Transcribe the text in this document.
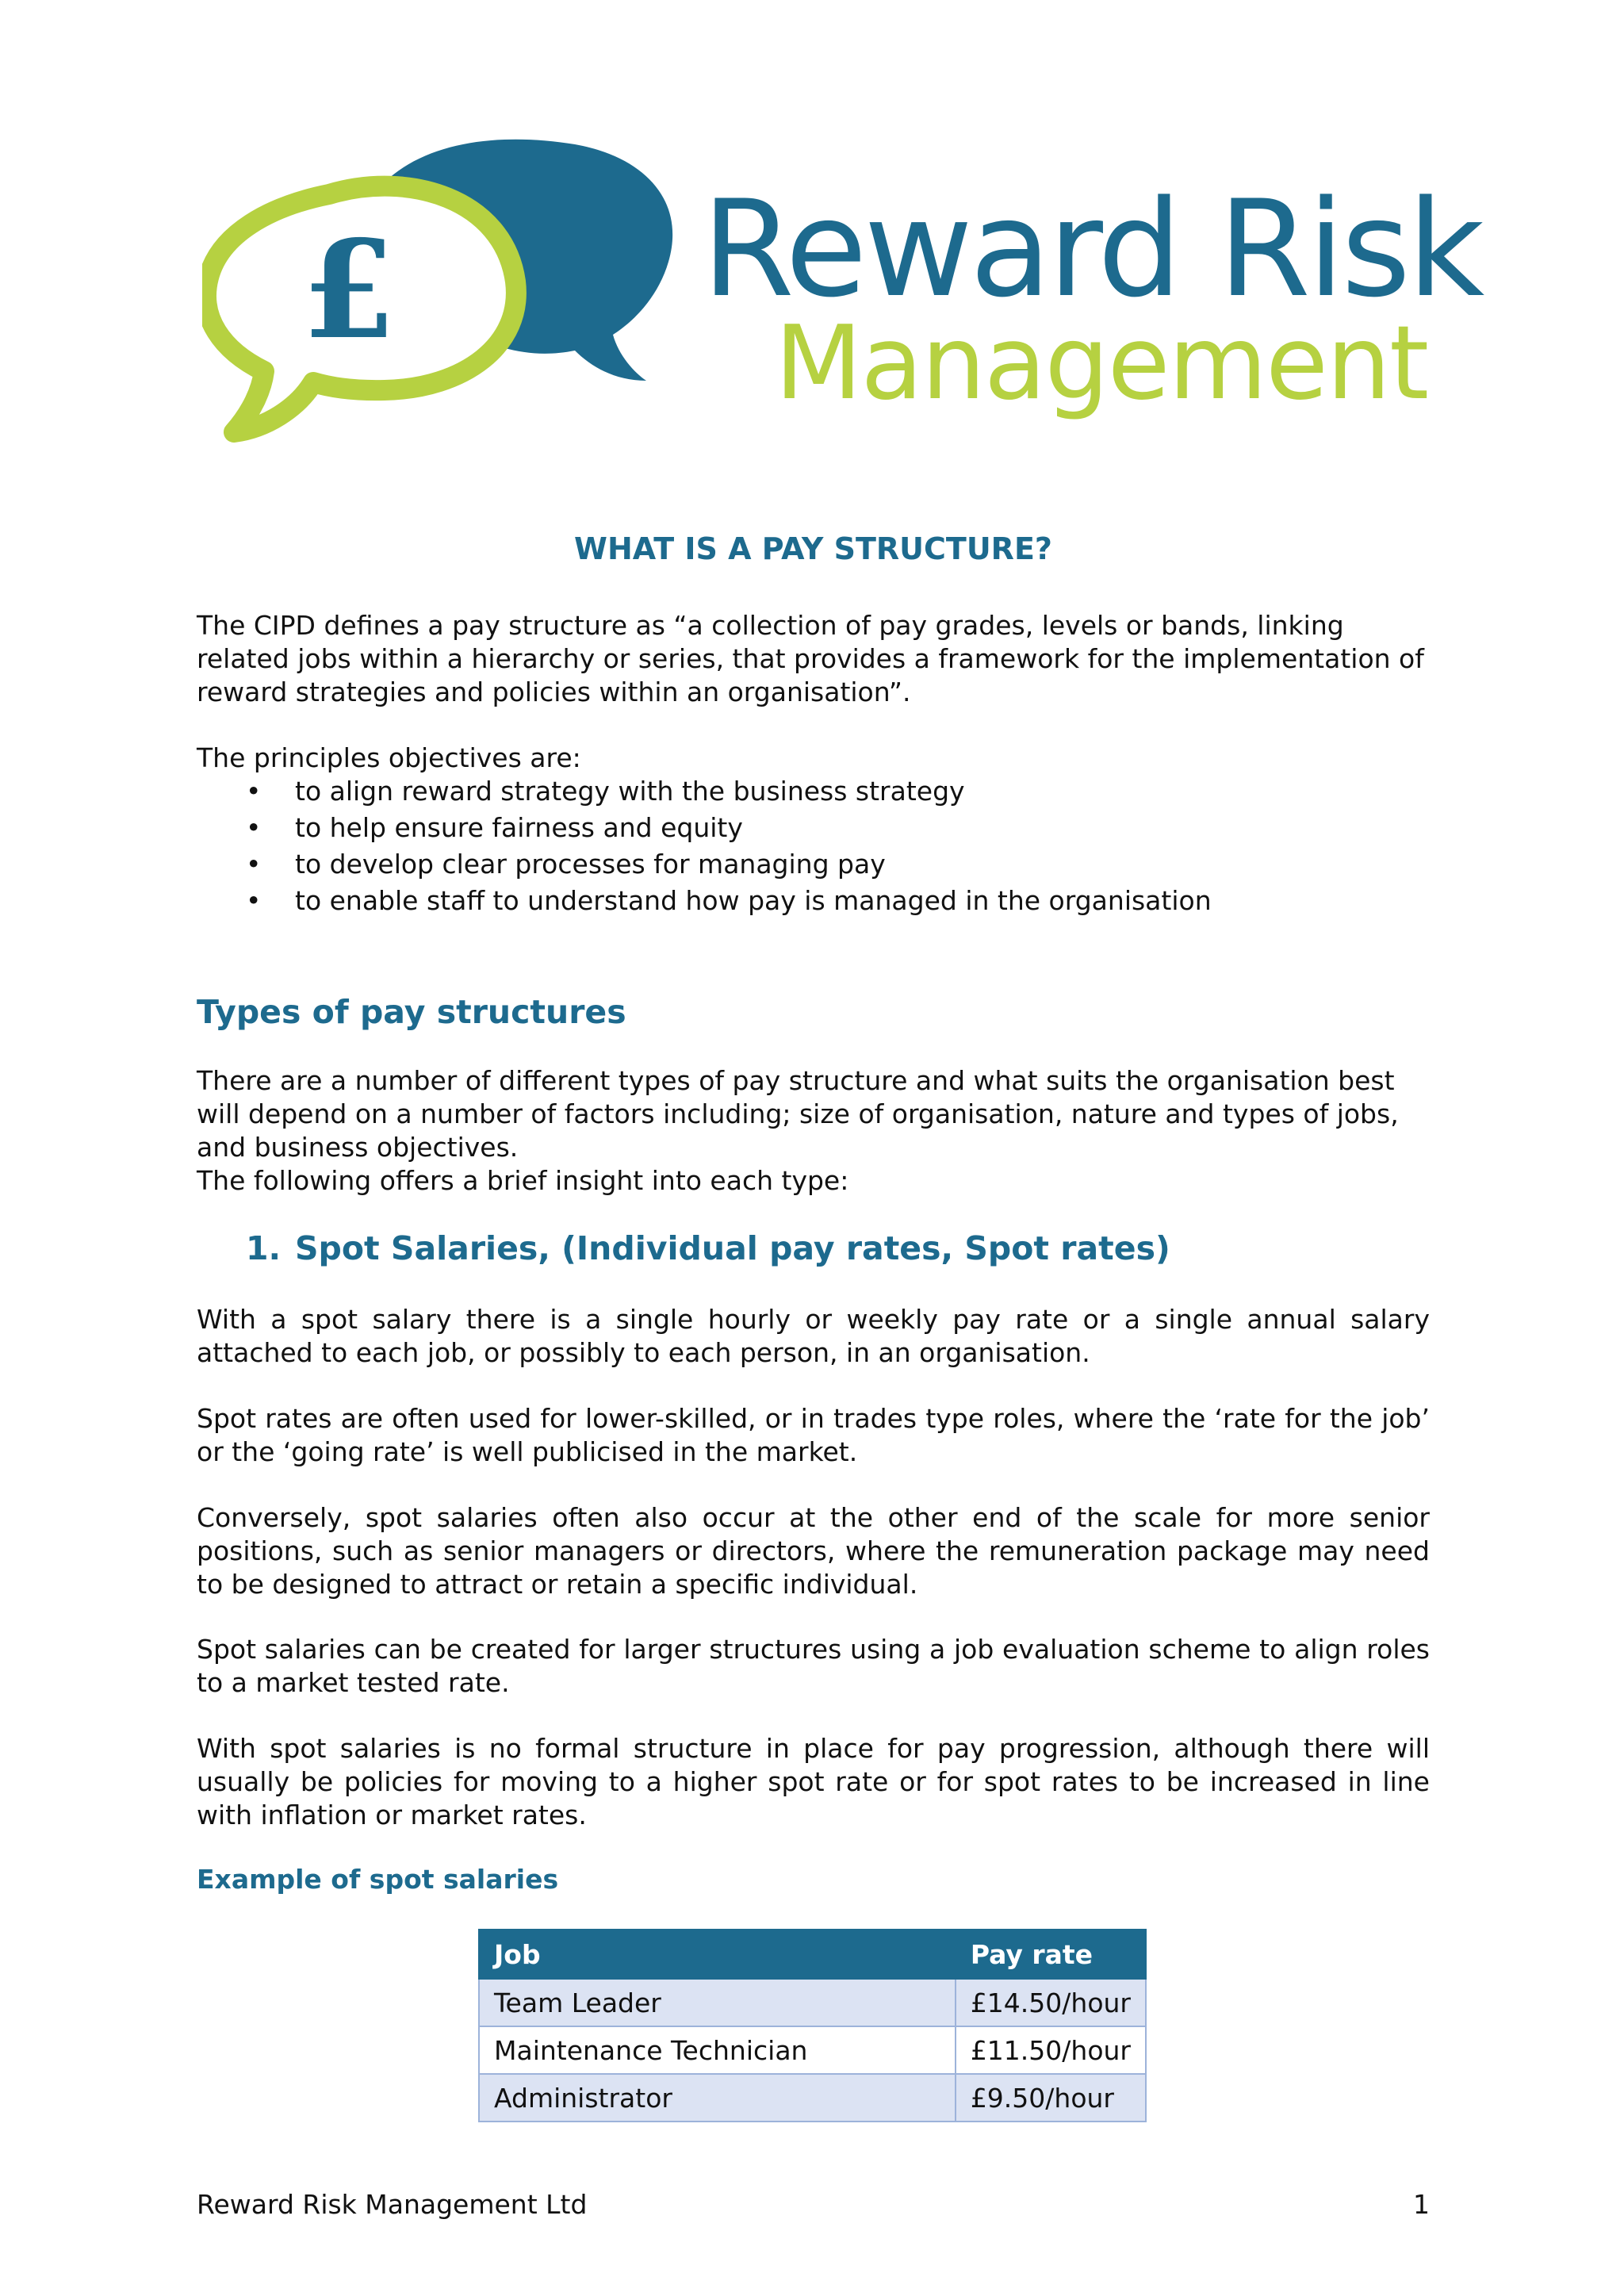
£ Reward Risk

Management

WHAT IS A PAY STRUCTURE?

The CIPD defines a pay structure as “a collection of pay grades, levels or bands, linking related jobs within a hierarchy or series, that provides a framework for the implementation of reward strategies and policies within an organisation”.

The principles objectives are:

• to align reward strategy with the business strategy
• to help ensure fairness and equity
• to develop clear processes for managing pay
• to enable staff to understand how pay is managed in the organisation
Types of pay structures

There are a number of different types of pay structure and what suits the organisation best will depend on a number of factors including; size of organisation, nature and types of jobs, and business objectives.

The following offers a brief insight into each type:

1. Spot Salaries, (Individual pay rates, Spot rates)

With a spot salary there is a single hourly or weekly pay rate or a single annual salary attached to each job, or possibly to each person, in an organisation.

Spot rates are often used for lower-skilled, or in trades type roles, where the ‘rate for the job’ or the ‘going rate’ is well publicised in the market.

Conversely, spot salaries often also occur at the other end of the scale for more senior positions, such as senior managers or directors, where the remuneration package may need to be designed to attract or retain a specific individual.

Spot salaries can be created for larger structures using a job evaluation scheme to align roles to a market tested rate.

With spot salaries is no formal structure in place for pay progression, although there will usually be policies for moving to a higher spot rate or for spot rates to be increased in line with inflation or market rates.

Example of spot salaries
Job	Pay rate
Team Leader	£14.50/hour
Maintenance Technician	£11.50/hour
Administrator	£9.50/hour

Reward Risk Management Ltd	1
